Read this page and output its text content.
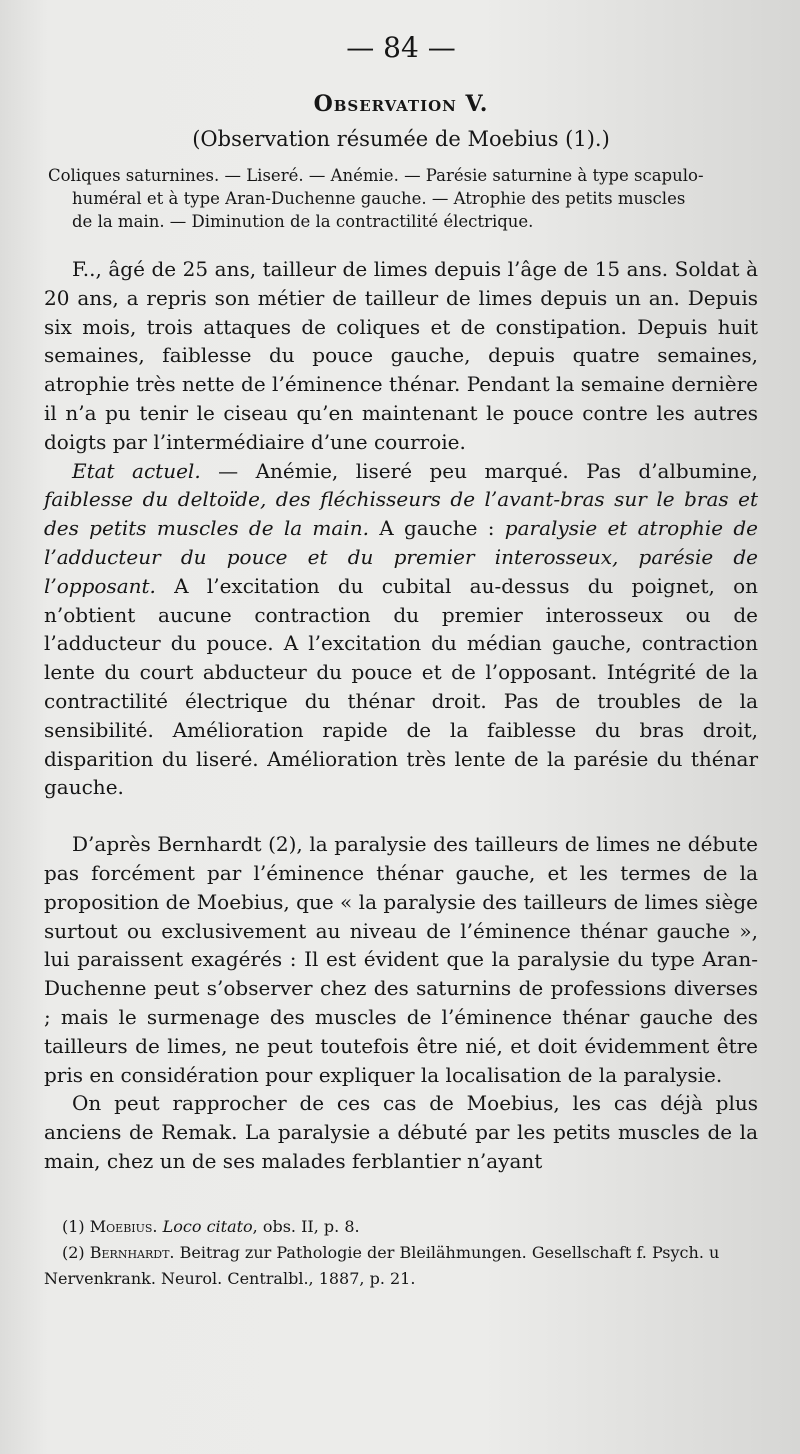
— 84 —
Observation V.
(Observation résumée de Moebius (1).)
Coliques saturnines. — Liseré. — Anémie. — Parésie saturnine à type scapulo-
huméral et à type Aran-Duchenne gauche. — Atrophie des petits muscles
de la main. — Diminution de la contractilité électrique.

F.., âgé de 25 ans, tailleur de limes depuis l’âge de 15 ans. Soldat à 20 ans, a repris son métier de tailleur de limes depuis un an. Depuis six mois, trois attaques de coliques et de constipation. Depuis huit semaines, faiblesse du pouce gauche, depuis quatre semaines, atrophie très nette de l’éminence thénar. Pendant la semaine dernière il n’a pu tenir le ciseau qu’en maintenant le pouce contre les autres doigts par l’intermédiaire d’une courroie.

Etat actuel. — Anémie, liseré peu marqué. Pas d’albumine, faiblesse du deltoïde, des fléchisseurs de l’avant-bras sur le bras et des petits muscles de la main. A gauche : paralysie et atrophie de l’adducteur du pouce et du premier interosseux, parésie de l’opposant. A l’excitation du cubital au-dessus du poignet, on n’obtient aucune contraction du premier interosseux ou de l’adducteur du pouce. A l’excitation du médian gauche, contraction lente du court abducteur du pouce et de l’opposant. Intégrité de la contractilité électrique du thénar droit. Pas de troubles de la sensibilité. Amélioration rapide de la faiblesse du bras droit, disparition du liseré. Amélioration très lente de la parésie du thénar gauche.

D’après Bernhardt (2), la paralysie des tailleurs de limes ne débute pas forcément par l’éminence thénar gauche, et les termes de la proposition de Moebius, que « la paralysie des tailleurs de limes siège surtout ou exclusivement au niveau de l’éminence thénar gauche », lui paraissent exagérés : Il est évident que la paralysie du type Aran-Duchenne peut s’observer chez des saturnins de professions diverses ; mais le surmenage des muscles de l’éminence thénar gauche des tailleurs de limes, ne peut toutefois être nié, et doit évidemment être pris en considération pour expliquer la localisation de la paralysie.

On peut rapprocher de ces cas de Moebius, les cas déjà plus anciens de Remak. La paralysie a débuté par les petits muscles de la main, chez un de ses malades ferblantier n’ayant

(1) Moebius. Loco citato, obs. II, p. 8.

(2) Bernhardt. Beitrag zur Pathologie der Bleilähmungen. Gesellschaft f. Psych. u Nervenkrank. Neurol. Centralbl., 1887, p. 21.
